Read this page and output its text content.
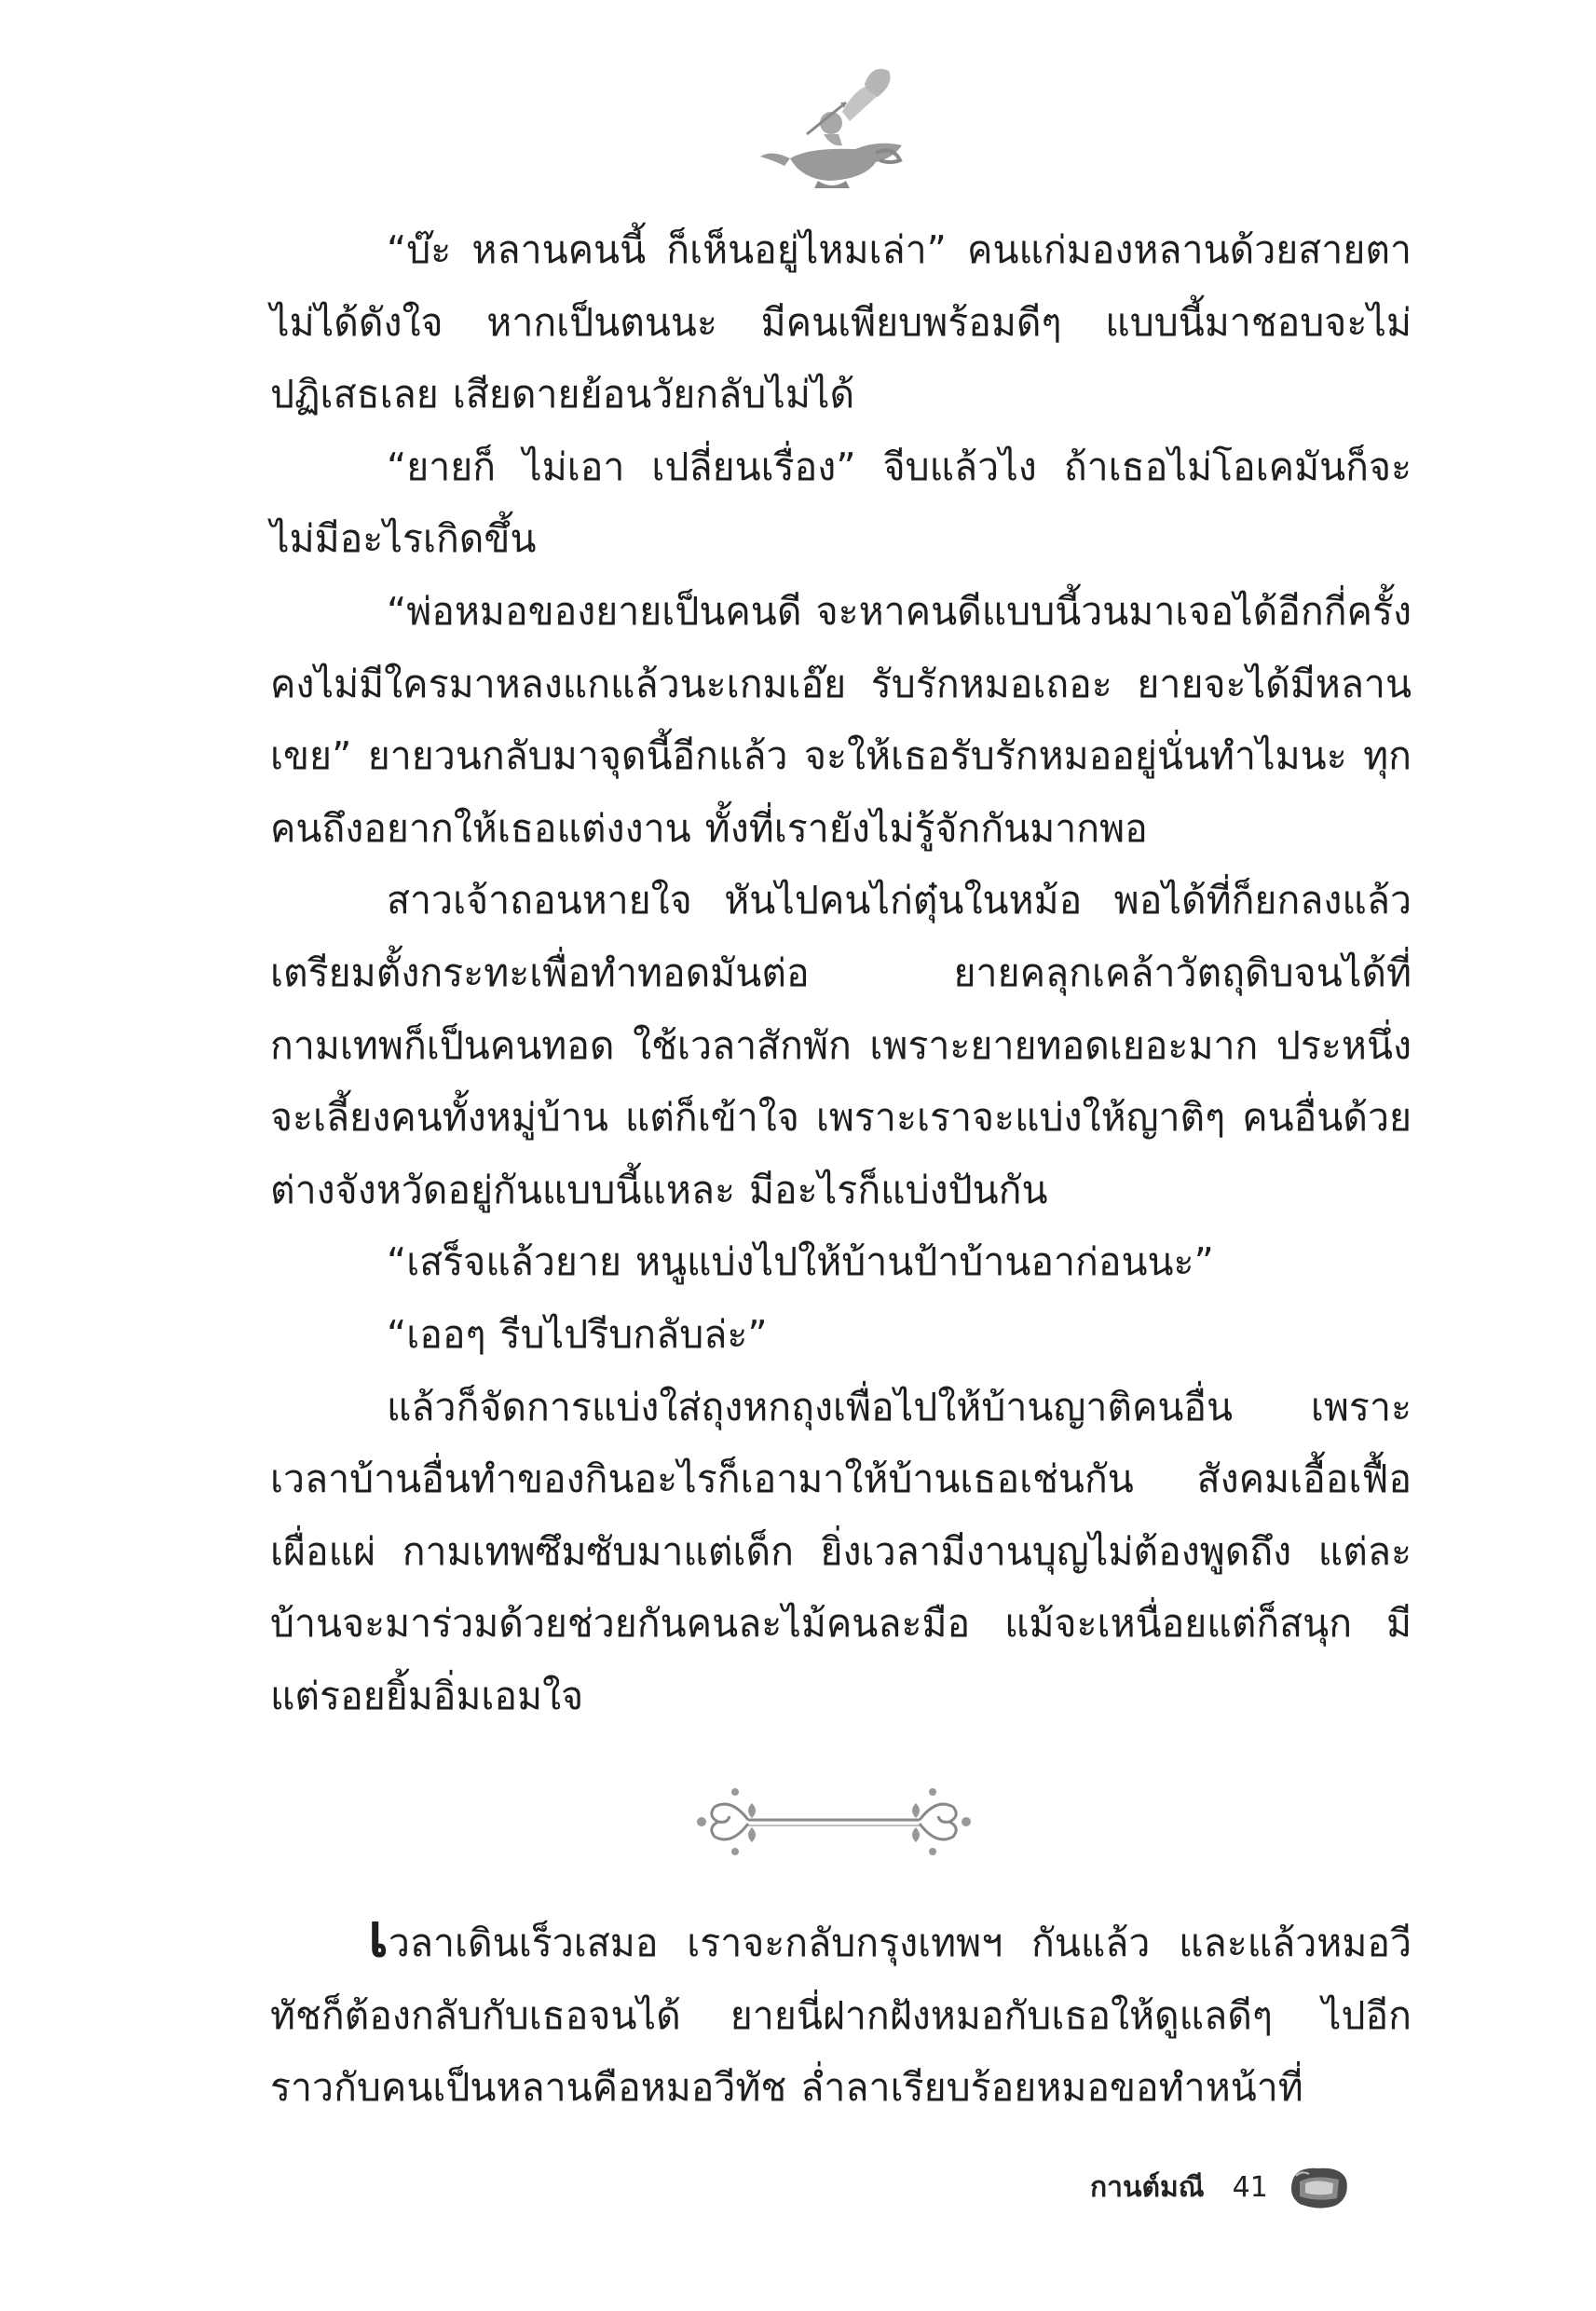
“บ๊ะ หลานคนนี้ ก็เห็นอยู่ไหมเล่า” คนแก่มองหลานด้วยสายตาไม่ได้ดังใจ หากเป็นตนนะ มีคนเพียบพร้อมดีๆ แบบนี้มาชอบจะไม่ปฏิเสธเลย เสียดายย้อนวัยกลับไม่ได้

“ยายก็ ไม่เอา เปลี่ยนเรื่อง” จีบแล้วไง ถ้าเธอไม่โอเคมันก็จะไม่มีอะไรเกิดขึ้น

“พ่อหมอของยายเป็นคนดี จะหาคนดีแบบนี้วนมาเจอได้อีกกี่ครั้ง คงไม่มีใครมาหลงแกแล้วนะเกมเอ๊ย รับรักหมอเถอะ ยายจะได้มีหลานเขย” ยายวนกลับมาจุดนี้อีกแล้ว จะให้เธอรับรักหมออยู่นั่นทำไมนะ ทุกคนถึงอยากให้เธอแต่งงาน ทั้งที่เรายังไม่รู้จักกันมากพอ

สาวเจ้าถอนหายใจ หันไปคนไก่ตุ๋นในหม้อ พอได้ที่ก็ยกลงแล้ว เตรียมตั้งกระทะเพื่อทำทอดมันต่อ ยายคลุกเคล้าวัตถุดิบจนได้ที่ กามเทพก็เป็นคนทอด ใช้เวลาสักพัก เพราะยายทอดเยอะมาก ประหนึ่งจะเลี้ยงคนทั้งหมู่บ้าน แต่ก็เข้าใจ เพราะเราจะแบ่งให้ญาติๆ คนอื่นด้วย ต่างจังหวัดอยู่กันแบบนี้แหละ มีอะไรก็แบ่งปันกัน

“เสร็จแล้วยาย หนูแบ่งไปให้บ้านป้าบ้านอาก่อนนะ”

“เออๆ รีบไปรีบกลับล่ะ”

แล้วก็จัดการแบ่งใส่ถุงหกถุงเพื่อไปให้บ้านญาติคนอื่น เพราะเวลาบ้านอื่นทำของกินอะไรก็เอามาให้บ้านเธอเช่นกัน สังคมเอื้อเฟื้อเผื่อแผ่ กามเทพซึมซับมาแต่เด็ก ยิ่งเวลามีงานบุญไม่ต้องพูดถึง แต่ละบ้านจะมาร่วมด้วยช่วยกันคนละไม้คนละมือ แม้จะเหนื่อยแต่ก็สนุก มีแต่รอยยิ้มอิ่มเอมใจ

เวลาเดินเร็วเสมอ เราจะกลับกรุงเทพฯ กันแล้ว และแล้วหมอวีทัชก็ต้องกลับกับเธอจนได้ ยายนี่ฝากฝังหมอกับเธอให้ดูแลดีๆ ไปอีก ราวกับคนเป็นหลานคือหมอวีทัช ล่ำลาเรียบร้อยหมอขอทำหน้าที่

กานต์มณี 41
